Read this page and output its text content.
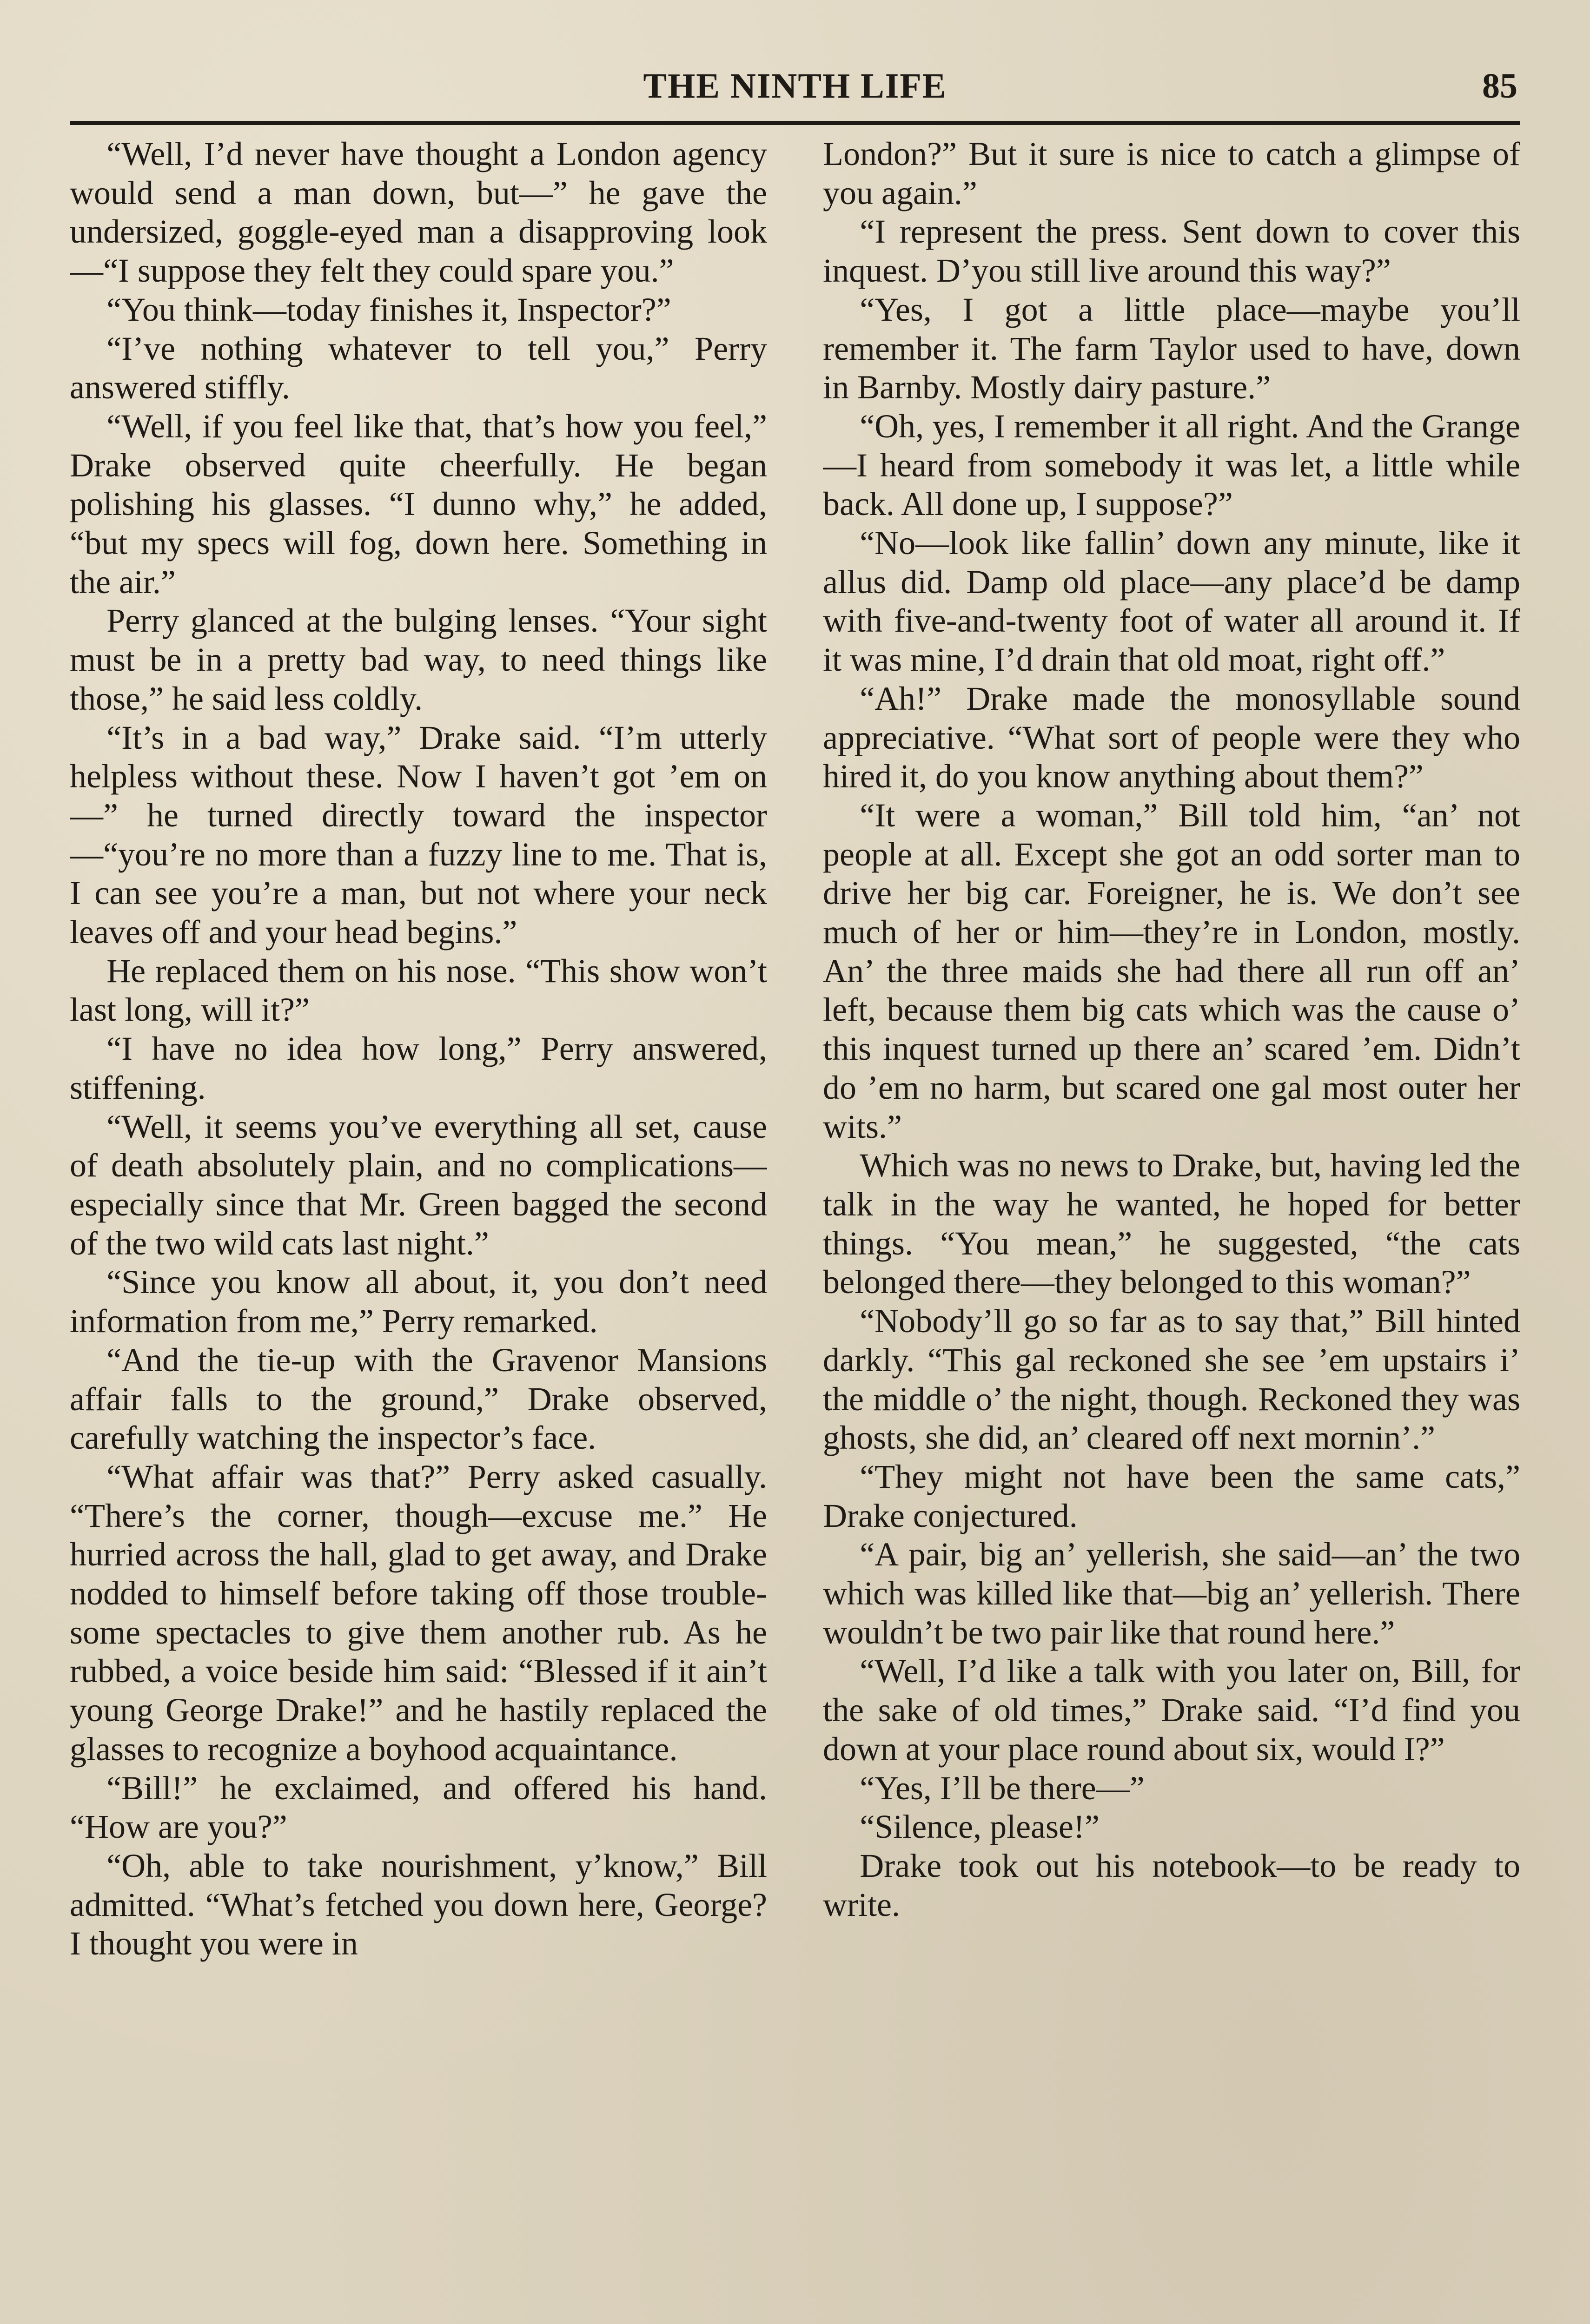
THE NINTH LIFE	85

“Well, I’d never have thought a London agency would send a man down, but—” he gave the undersized, goggle-eyed man a disapproving look—“I suppose they felt they could spare you.”

“You think—today finishes it, Inspector?”

“I’ve nothing whatever to tell you,” Perry answered stiffly.

“Well, if you feel like that, that’s how you feel,” Drake observed quite cheerfully. He began polishing his glasses. “I dunno why,” he added, “but my specs will fog, down here. Something in the air.”

Perry glanced at the bulging lenses. “Your sight must be in a pretty bad way, to need things like those,” he said less coldly.

“It’s in a bad way,” Drake said. “I’m utterly helpless without these. Now I haven’t got ’em on—” he turned directly toward the inspector—“you’re no more than a fuzzy line to me. That is, I can see you’re a man, but not where your neck leaves off and your head begins.”

He replaced them on his nose. “This show won’t last long, will it?”

“I have no idea how long,” Perry answered, stiffening.

“Well, it seems you’ve everything all set, cause of death absolutely plain, and no complications—especially since that Mr. Green bagged the second of the two wild cats last night.”

“Since you know all about, it, you don’t need information from me,” Perry remarked.

“And the tie-up with the Gravenor Mansions affair falls to the ground,” Drake observed, carefully watching the inspector’s face.

“What affair was that?” Perry asked casually. “There’s the corner, though—excuse me.” He hurried across the hall, glad to get away, and Drake nodded to himself before taking off those troublesome spectacles to give them another rub. As he rubbed, a voice beside him said: “Blessed if it ain’t young George Drake!” and he hastily replaced the glasses to recognize a boyhood acquaintance.

“Bill!” he exclaimed, and offered his hand. “How are you?”

“Oh, able to take nourishment, y’know,” Bill admitted. “What’s fetched you down here, George? I thought you were in

London?” But it sure is nice to catch a glimpse of you again.”

“I represent the press. Sent down to cover this inquest. D’you still live around this way?”

“Yes, I got a little place—maybe you’ll remember it. The farm Taylor used to have, down in Barnby. Mostly dairy pasture.”

“Oh, yes, I remember it all right. And the Grange—I heard from somebody it was let, a little while back. All done up, I suppose?”

“No—look like fallin’ down any minute, like it allus did. Damp old place—any place’d be damp with five-and-twenty foot of water all around it. If it was mine, I’d drain that old moat, right off.”

“Ah!” Drake made the monosyllable sound appreciative. “What sort of people were they who hired it, do you know anything about them?”

“It were a woman,” Bill told him, “an’ not people at all. Except she got an odd sorter man to drive her big car. Foreigner, he is. We don’t see much of her or him—they’re in London, mostly. An’ the three maids she had there all run off an’ left, because them big cats which was the cause o’ this inquest turned up there an’ scared ’em. Didn’t do ’em no harm, but scared one gal most outer her wits.”

Which was no news to Drake, but, having led the talk in the way he wanted, he hoped for better things. “You mean,” he suggested, “the cats belonged there—they belonged to this woman?”

“Nobody’ll go so far as to say that,” Bill hinted darkly. “This gal reckoned she see ’em upstairs i’ the middle o’ the night, though. Reckoned they was ghosts, she did, an’ cleared off next mornin’.”

“They might not have been the same cats,” Drake conjectured.

“A pair, big an’ yellerish, she said—an’ the two which was killed like that—big an’ yellerish. There wouldn’t be two pair like that round here.”

“Well, I’d like a talk with you later on, Bill, for the sake of old times,” Drake said. “I’d find you down at your place round about six, would I?”

“Yes, I’ll be there—”

“Silence, please!”

Drake took out his notebook—to be ready to write.
